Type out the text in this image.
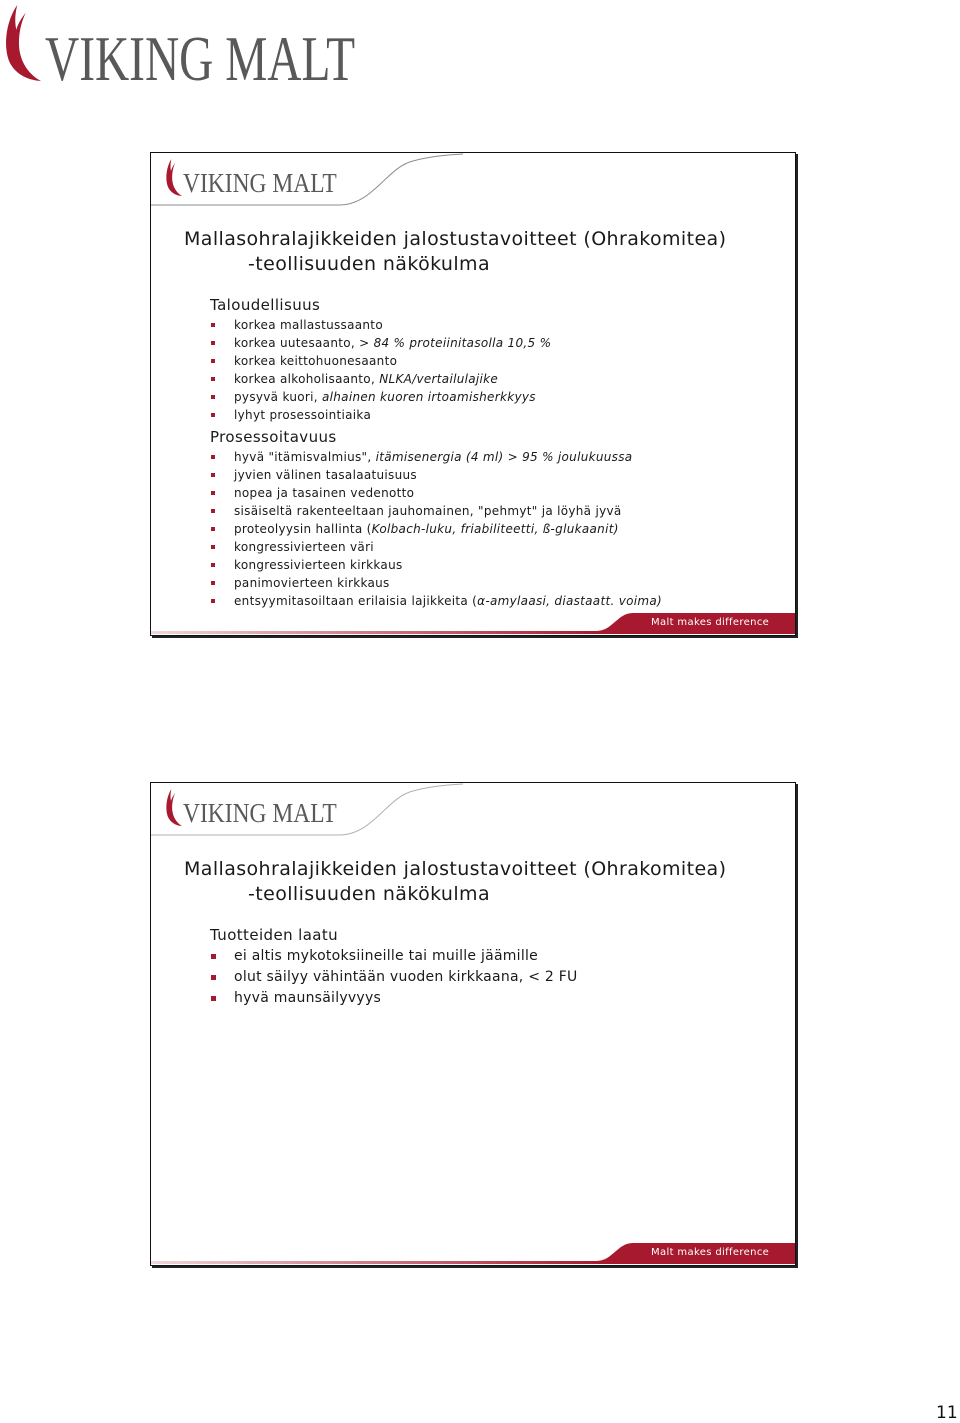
VIKING MALT
VIKING MALT
Mallasohralajikkeiden jalostustavoitteet (Ohrakomitea)
-teollisuuden näkökulma
Taloudellisuus
korkea mallastussaanto
korkea uutesaanto, > 84 % proteiinitasolla 10,5 %
korkea keittohuonesaanto
korkea alkoholisaanto, NLKA/vertailulajike
pysyvä kuori, alhainen kuoren irtoamisherkkyys
lyhyt prosessointiaika
Prosessoitavuus
hyvä "itämisvalmius", itämisenergia (4 ml) > 95 % joulukuussa
jyvien välinen tasalaatuisuus
nopea ja tasainen vedenotto
sisäiseltä rakenteeltaan jauhomainen, "pehmyt" ja löyhä jyvä
proteolyysin hallinta (Kolbach-luku, friabiliteetti, ß-glukaanit)
kongressivierteen väri
kongressivierteen kirkkaus
panimovierteen kirkkaus
entsyymitasoiltaan erilaisia lajikkeita (α-amylaasi, diastaatt. voima)
Malt makes difference
VIKING MALT
Mallasohralajikkeiden jalostustavoitteet (Ohrakomitea)
-teollisuuden näkökulma
Tuotteiden laatu
ei altis mykotoksiineille tai muille jäämille
olut säilyy vähintään vuoden kirkkaana, < 2 FU
hyvä maunsäilyvyys
Malt makes difference
11
